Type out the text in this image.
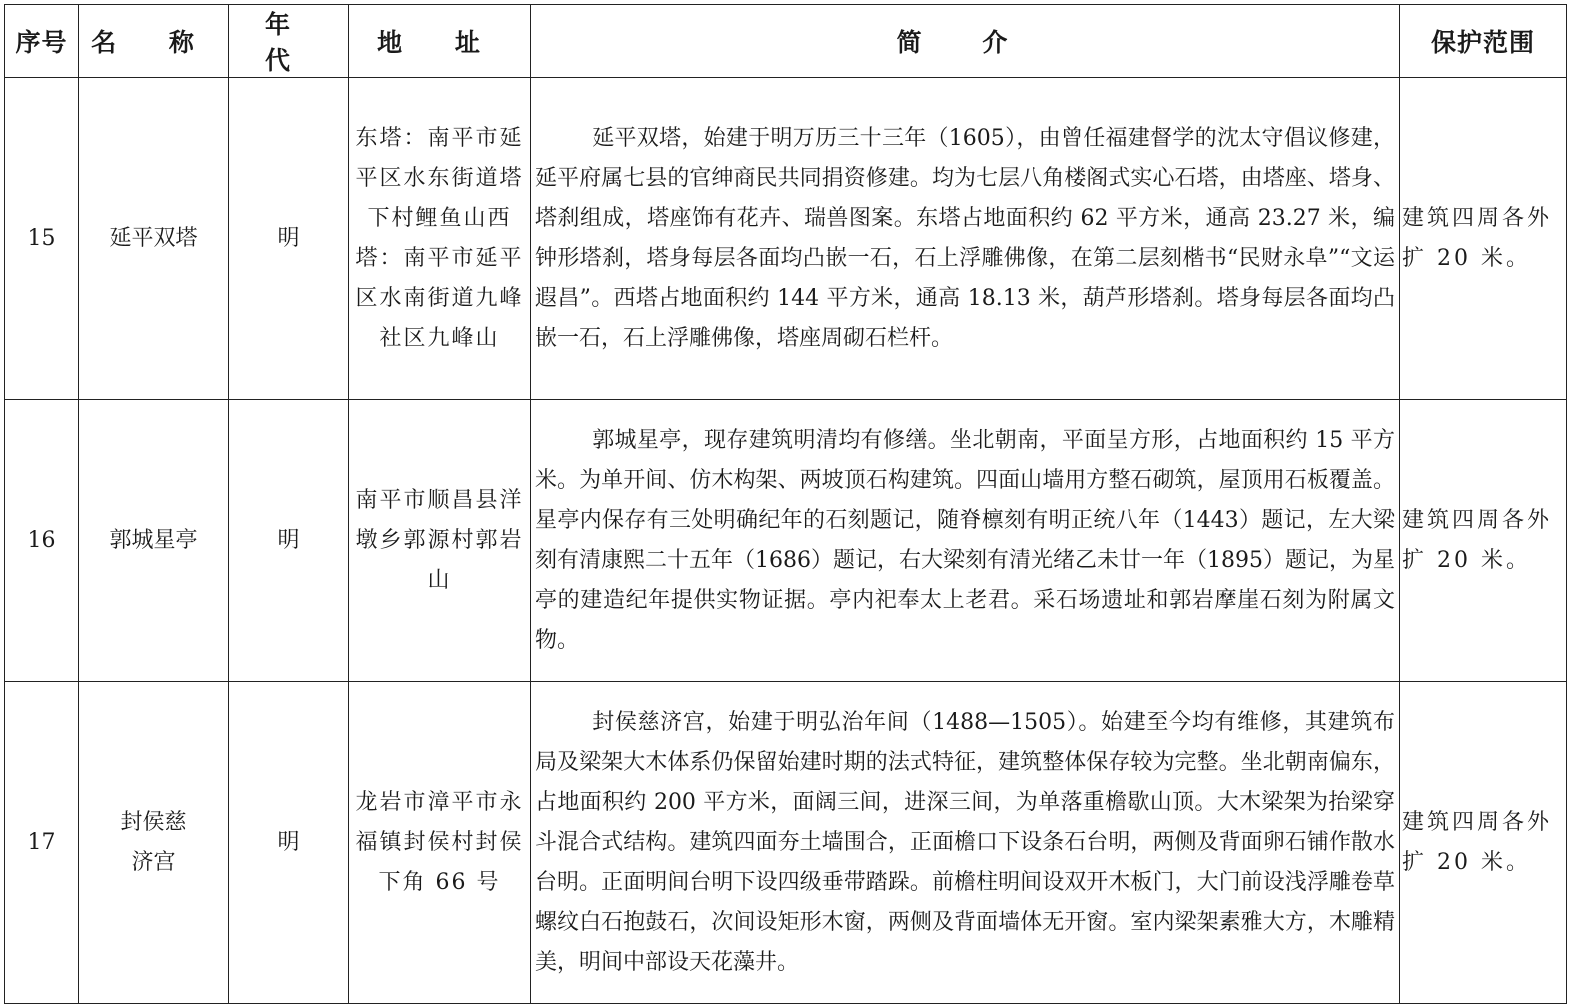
序号	名 称	年 代	地 址	简 介	保护范围
15	延平双塔	明	东塔：南平市延平区水东街道塔下村鲤鱼山西塔：南平市延平区水南街道九峰社区九峰山	延平双塔，始建于明万历三十三年（1605），由曾任福建督学的沈太守倡议修建，延平府属七县的官绅商民共同捐资修建。均为七层八角楼阁式实心石塔，由塔座、塔身、塔刹组成，塔座饰有花卉、瑞兽图案。东塔占地面积约 62 平方米，通高 23.27 米，编钟形塔刹，塔身每层各面均凸嵌一石，石上浮雕佛像，在第二层刻楷书“民财永阜”“文运遐昌”。西塔占地面积约 144 平方米，通高 18.13 米，葫芦形塔刹。塔身每层各面均凸嵌一石，石上浮雕佛像，塔座周砌石栏杆。	建筑四周各外扩 20 米。
16	郭城星亭	明	南平市顺昌县洋墩乡郭源村郭岩山	郭城星亭，现存建筑明清均有修缮。坐北朝南，平面呈方形，占地面积约 15 平方米。为单开间、仿木构架、两坡顶石构建筑。四面山墙用方整石砌筑，屋顶用石板覆盖。星亭内保存有三处明确纪年的石刻题记，随脊檩刻有明正统八年（1443）题记，左大梁刻有清康熙二十五年（1686）题记，右大梁刻有清光绪乙未廿一年（1895）题记，为星亭的建造纪年提供实物证据。亭内祀奉太上老君。采石场遗址和郭岩摩崖石刻为附属文物。	建筑四周各外扩 20 米。
17	封侯慈济宫	明	龙岩市漳平市永福镇封侯村封侯下角 66 号	封侯慈济宫，始建于明弘治年间（1488—1505）。始建至今均有维修，其建筑布局及梁架大木体系仍保留始建时期的法式特征，建筑整体保存较为完整。坐北朝南偏东，占地面积约 200 平方米，面阔三间，进深三间，为单落重檐歇山顶。大木梁架为抬梁穿斗混合式结构。建筑四面夯土墙围合，正面檐口下设条石台明，两侧及背面卵石铺作散水台明。正面明间台明下设四级垂带踏跺。前檐柱明间设双开木板门，大门前设浅浮雕卷草螺纹白石抱鼓石，次间设矩形木窗，两侧及背面墙体无开窗。室内梁架素雅大方，木雕精美，明间中部设天花藻井。	建筑四周各外扩 20 米。
